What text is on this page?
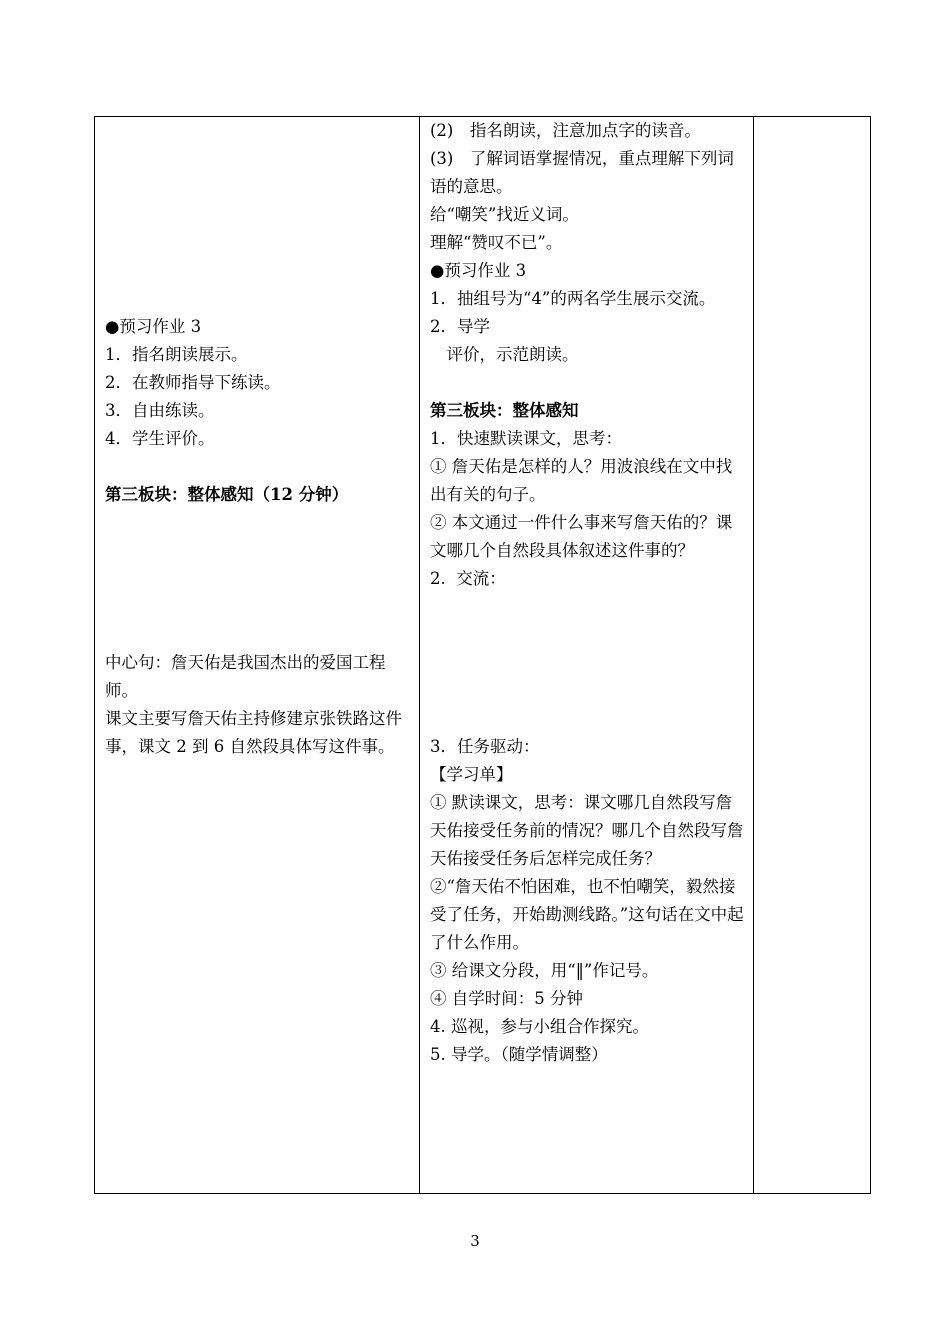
●预习作业 3
1．指名朗读展示。
2．在教师指导下练读。
3．自由练读。
4．学生评价。
第三板块：整体感知（12 分钟）
中心句：詹天佑是我国杰出的爱国工程师。
课文主要写詹天佑主持修建京张铁路这件事，课文 2 到 6 自然段具体写这件事。

(2)　指名朗读，注意加点字的读音。
(3)　了解词语掌握情况，重点理解下列词语的意思。
给“嘲笑”找近义词。
理解“赞叹不已”。
●预习作业 3
1．抽组号为“4”的两名学生展示交流。
2．导学
　评价，示范朗读。
第三板块：整体感知
1．快速默读课文，思考：
① 詹天佑是怎样的人？用波浪线在文中找出有关的句子。
② 本文通过一件什么事来写詹天佑的？课文哪几个自然段具体叙述这件事的？
2.  交流：
3．任务驱动：
【学习单】
① 默读课文，思考：课文哪几自然段写詹天佑接受任务前的情况？哪几个自然段写詹天佑接受任务后怎样完成任务？
②“詹天佑不怕困难，也不怕嘲笑，毅然接受了任务，开始勘测线路。”这句话在文中起了什么作用。
③ 给课文分段，用“‖”作记号。
④ 自学时间：5 分钟
4. 巡视，参与小组合作探究。
5. 导学。（随学情调整）

3
